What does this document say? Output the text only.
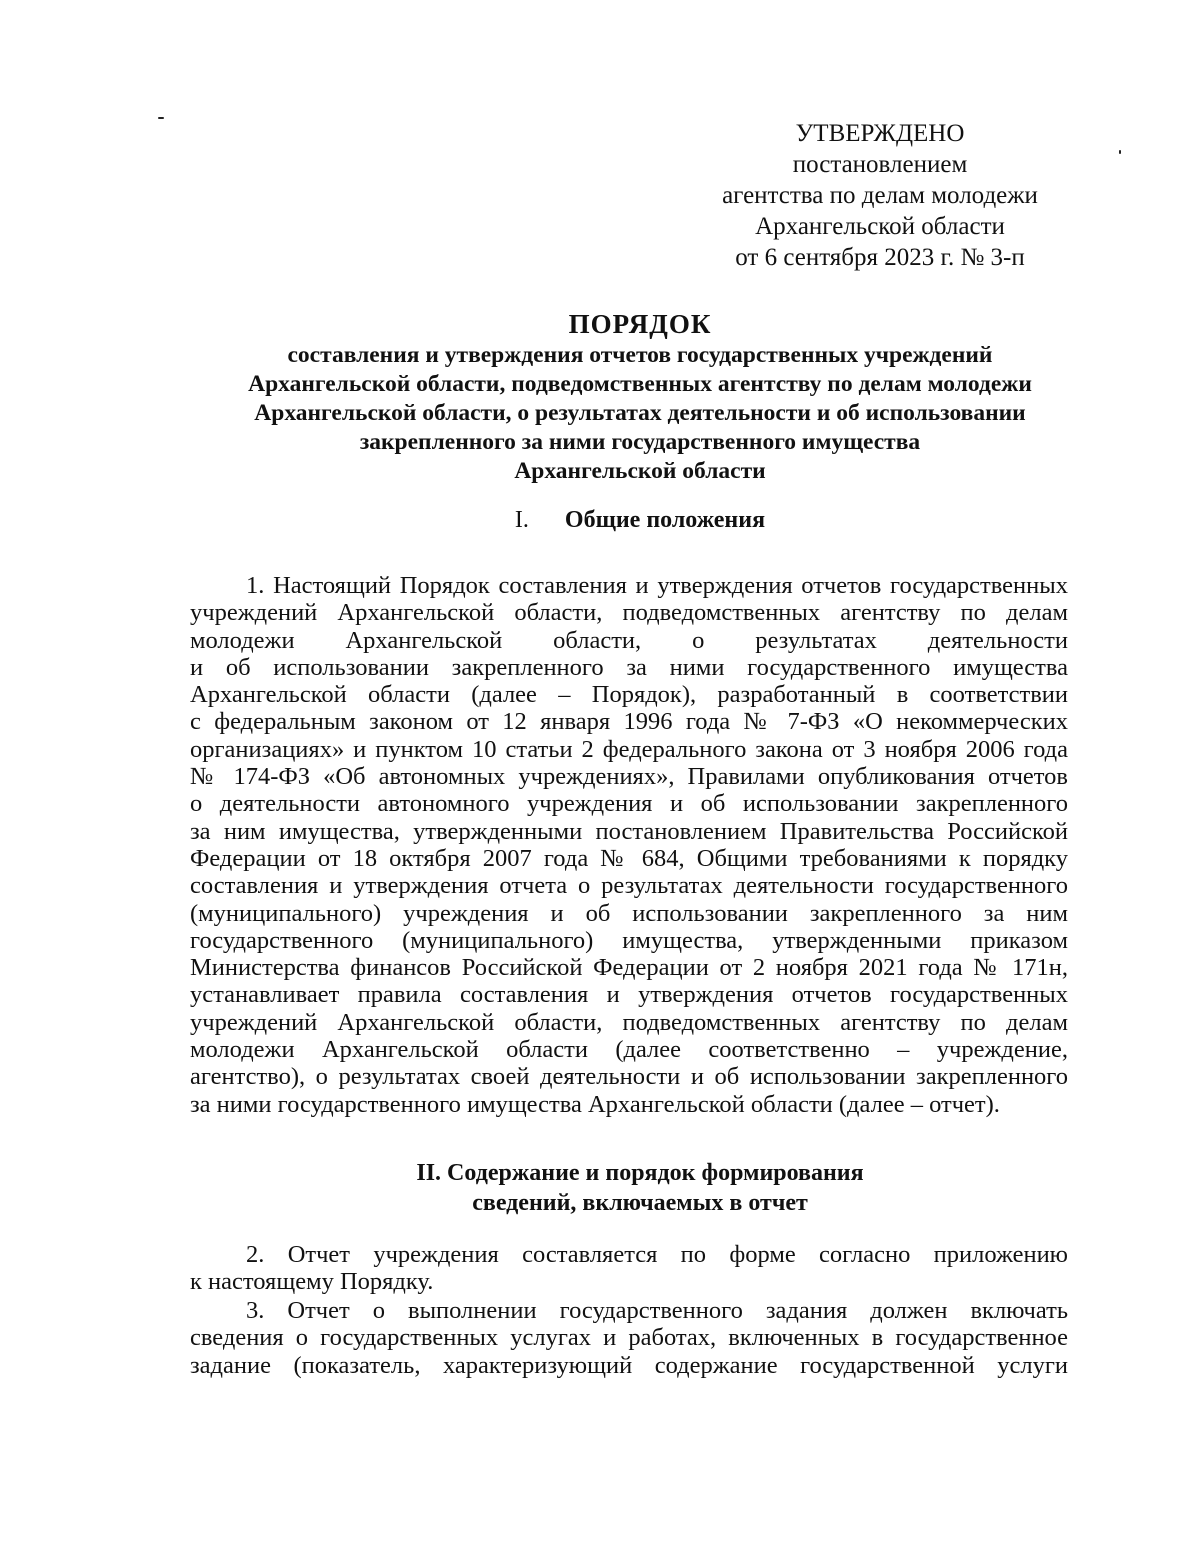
УТВЕРЖДЕНО
постановлением
агентства по делам молодежи
Архангельской области
от 6 сентября 2023 г. № 3-п
ПОРЯДОК
составления и утверждения отчетов государственных учреждений
Архангельской области, подведомственных агентству по делам молодежи
Архангельской области, о результатах деятельности и об использовании
закрепленного за ними государственного имущества
Архангельской области
I. Общие положения
1. Настоящий Порядок составления и утверждения отчетов государственных
учреждений Архангельской области, подведомственных агентству по делам
молодежи Архангельской области, о результатах деятельности
и об использовании закрепленного за ними государственного имущества
Архангельской области (далее – Порядок), разработанный в соответствии
с федеральным законом от 12 января 1996 года № 7-ФЗ «О некоммерческих
организациях» и пунктом 10 статьи 2 федерального закона от 3 ноября 2006 года
№ 174-ФЗ «Об автономных учреждениях», Правилами опубликования отчетов
о деятельности автономного учреждения и об использовании закрепленного
за ним имущества, утвержденными постановлением Правительства Российской
Федерации от 18 октября 2007 года № 684, Общими требованиями к порядку
составления и утверждения отчета о результатах деятельности государственного
(муниципального) учреждения и об использовании закрепленного за ним
государственного (муниципального) имущества, утвержденными приказом
Министерства финансов Российской Федерации от 2 ноября 2021 года № 171н,
устанавливает правила составления и утверждения отчетов государственных
учреждений Архангельской области, подведомственных агентству по делам
молодежи Архангельской области (далее соответственно – учреждение,
агентство), о результатах своей деятельности и об использовании закрепленного
за ними государственного имущества Архангельской области (далее – отчет).
II. Содержание и порядок формирования
сведений, включаемых в отчет
2. Отчет учреждения составляется по форме согласно приложению
к настоящему Порядку.
3. Отчет о выполнении государственного задания должен включать
сведения о государственных услугах и работах, включенных в государственное
задание (показатель, характеризующий содержание государственной услуги
